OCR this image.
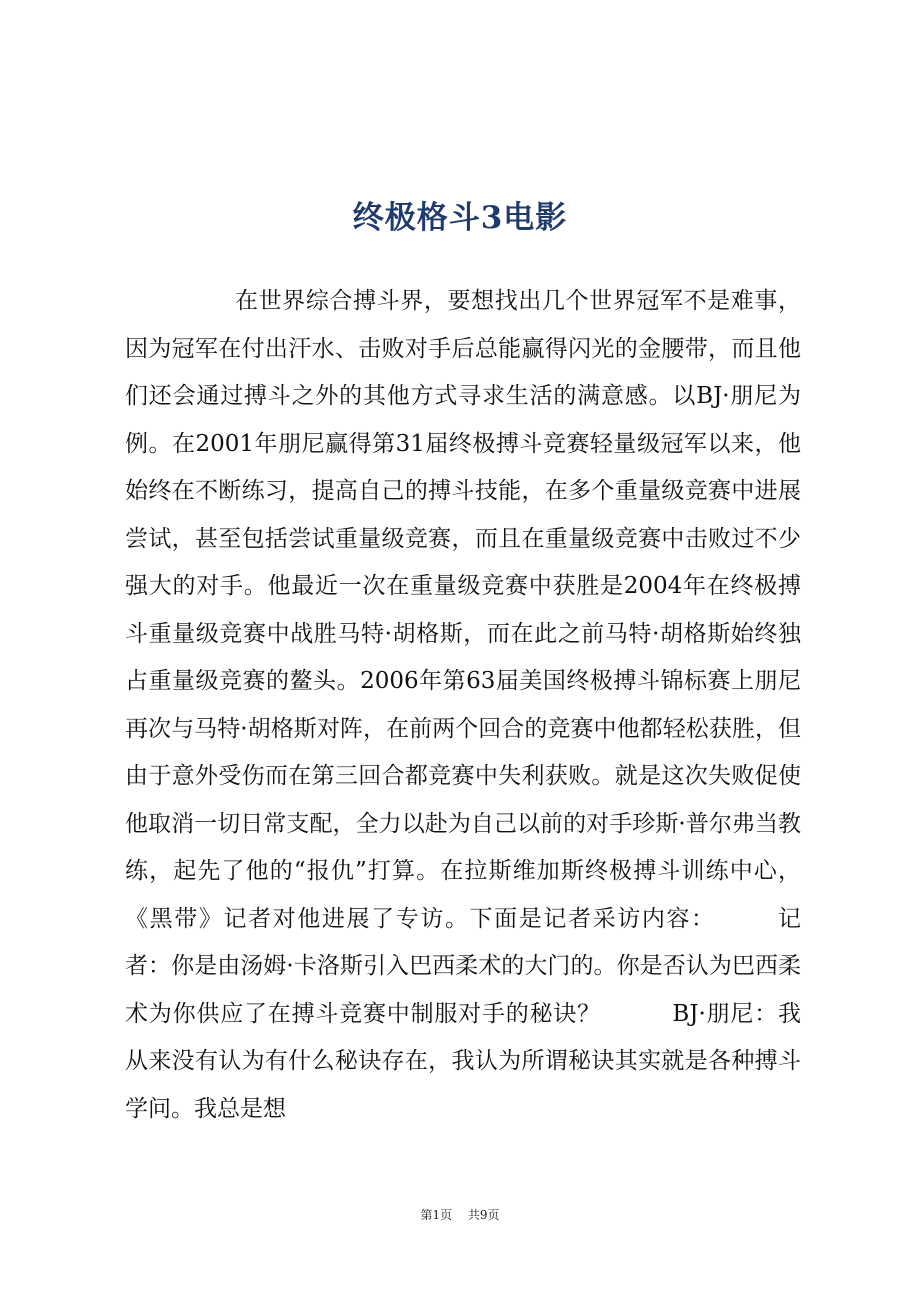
终极格斗3电影

在世界综合搏斗界，要想找出几个世界冠军不是难事，因为冠军在付出汗水、击败对手后总能赢得闪光的金腰带，而且他们还会通过搏斗之外的其他方式寻求生活的满意感。以BJ·朋尼为例。在2001年朋尼赢得第31届终极搏斗竞赛轻量级冠军以来，他始终在不断练习，提高自己的搏斗技能，在多个重量级竞赛中进展尝试，甚至包括尝试重量级竞赛，而且在重量级竞赛中击败过不少强大的对手。他最近一次在重量级竞赛中获胜是2004年在终极搏斗重量级竞赛中战胜马特·胡格斯，而在此之前马特·胡格斯始终独占重量级竞赛的鳌头。2006年第63届美国终极搏斗锦标赛上朋尼再次与马特·胡格斯对阵，在前两个回合的竞赛中他都轻松获胜，但由于意外受伤而在第三回合都竞赛中失利获败。就是这次失败促使他取消一切日常支配，全力以赴为自己以前的对手珍斯·普尔弗当教练，起先了他的“报仇”打算。在拉斯维加斯终极搏斗训练中心，《黑带》记者对他进展了专访。下面是记者采访内容：　　　记者：你是由汤姆·卡洛斯引入巴西柔术的大门的。你是否认为巴西柔术为你供应了在搏斗竞赛中制服对手的秘诀？　　　BJ·朋尼：我从来没有认为有什么秘诀存在，我认为所谓秘诀其实就是各种搏斗学问。我总是想

第1页 共9页
